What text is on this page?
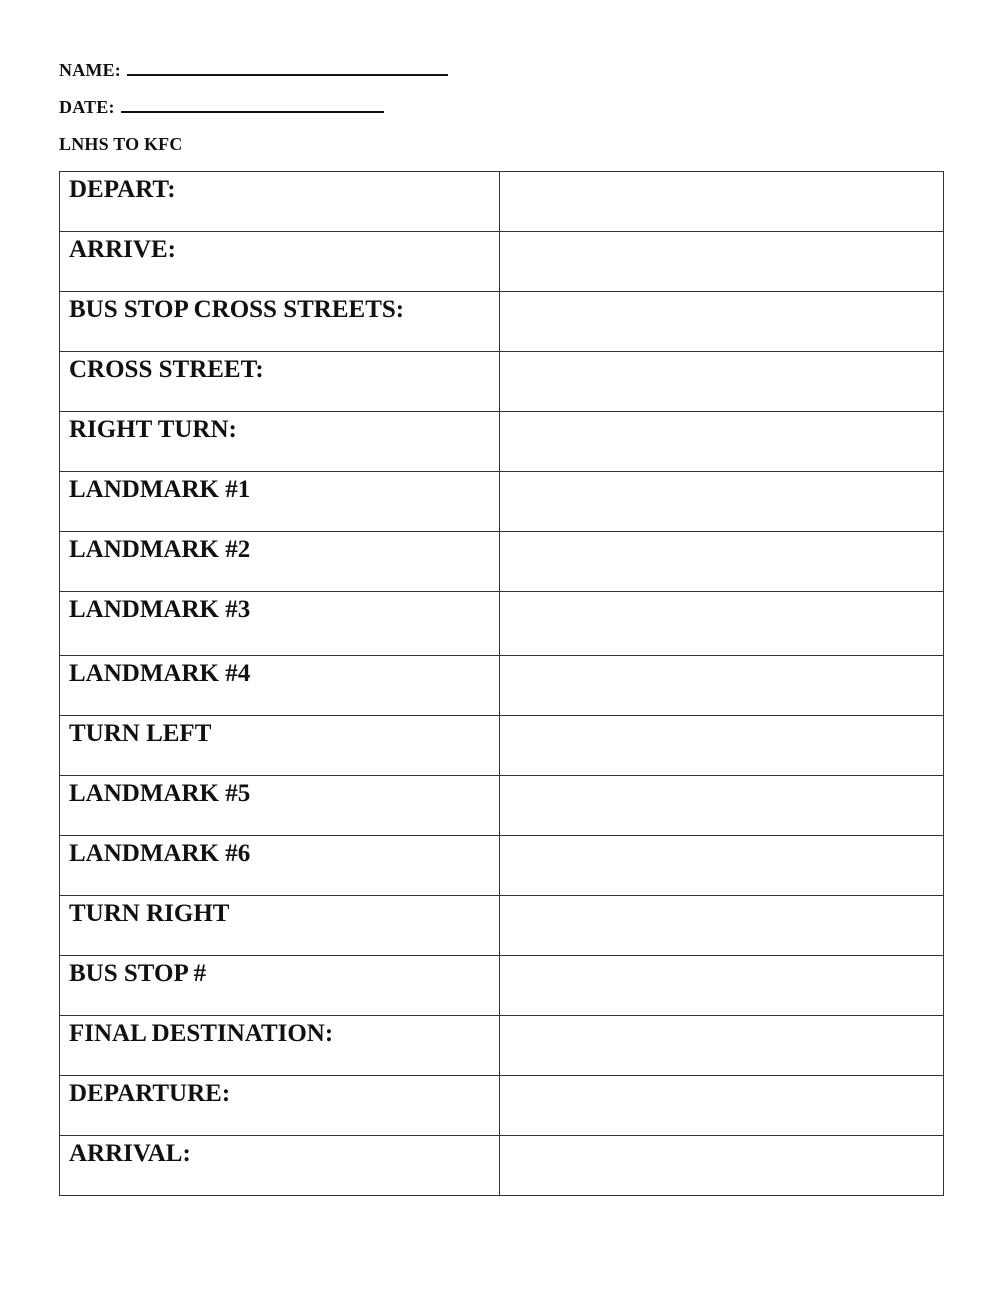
NAME:
DATE:
LNHS TO KFC
DEPART:	
ARRIVE:	
BUS STOP CROSS STREETS:	
CROSS STREET:	
RIGHT TURN:	
LANDMARK #1	
LANDMARK #2	
LANDMARK #3	
LANDMARK #4	
TURN LEFT	
LANDMARK #5	
LANDMARK #6	
TURN RIGHT	
BUS STOP #	
FINAL DESTINATION:	
DEPARTURE:	
ARRIVAL:	
